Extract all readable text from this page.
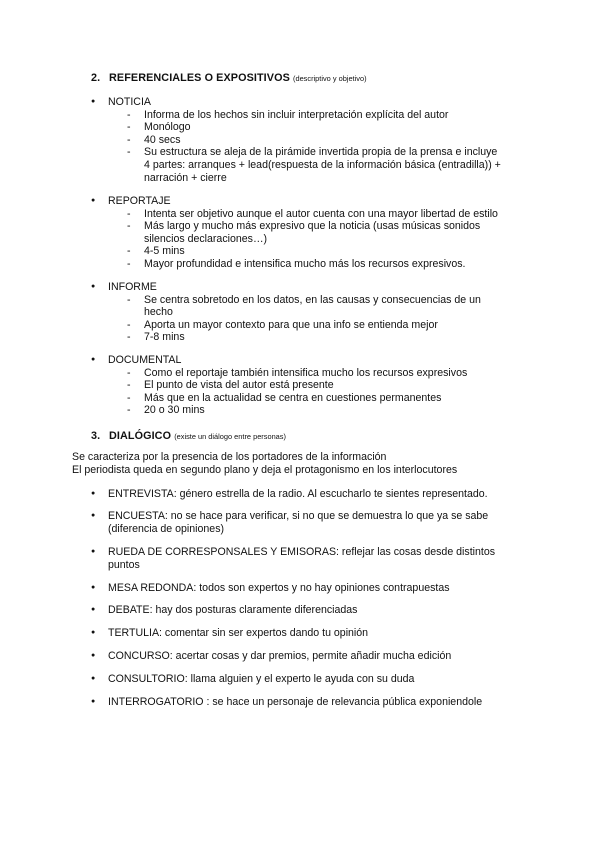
2. REFERENCIALES O EXPOSITIVOS (descriptivo y objetivo)
● NOTICIA
- Informa de los hechos sin incluir interpretación explícita del autor
- Monólogo
- 40 secs
- Su estructura se aleja de la pirámide invertida propia de la prensa e incluye 4 partes: arranques + lead(respuesta de la información básica (entradilla)) + narración + cierre
● REPORTAJE
- Intenta ser objetivo aunque el autor cuenta con una mayor libertad de estilo
- Más largo y mucho más expresivo que la noticia (usas músicas sonidos silencios declaraciones…)
- 4-5 mins
- Mayor profundidad e intensifica mucho más los recursos expresivos.
● INFORME
- Se centra sobretodo en los datos, en las causas y consecuencias de un hecho
- Aporta un mayor contexto para que una info se entienda mejor
- 7-8 mins
● DOCUMENTAL
- Como el reportaje también intensifica mucho los recursos expresivos
- El punto de vista del autor está presente
- Más que en la actualidad se centra en cuestiones permanentes
- 20 o 30 mins
3. DIALÓGICO (existe un diálogo entre personas)
Se caracteriza por la presencia de los portadores de la información
El periodista queda en segundo plano y deja el protagonismo en los interlocutores
● ENTREVISTA: género estrella de la radio. Al escucharlo te sientes representado.
● ENCUESTA: no se hace para verificar, si no que se demuestra lo que ya se sabe (diferencia de opiniones)
● RUEDA DE CORRESPONSALES Y EMISORAS: reflejar las cosas desde distintos puntos
● MESA REDONDA: todos son expertos y no hay opiniones contrapuestas
● DEBATE: hay dos posturas claramente diferenciadas
● TERTULIA: comentar sin ser expertos dando tu opinión
● CONCURSO: acertar cosas y dar premios, permite añadir mucha edición
● CONSULTORIO: llama alguien y el experto le ayuda con su duda
● INTERROGATORIO : se hace un personaje de relevancia pública exponiendole
